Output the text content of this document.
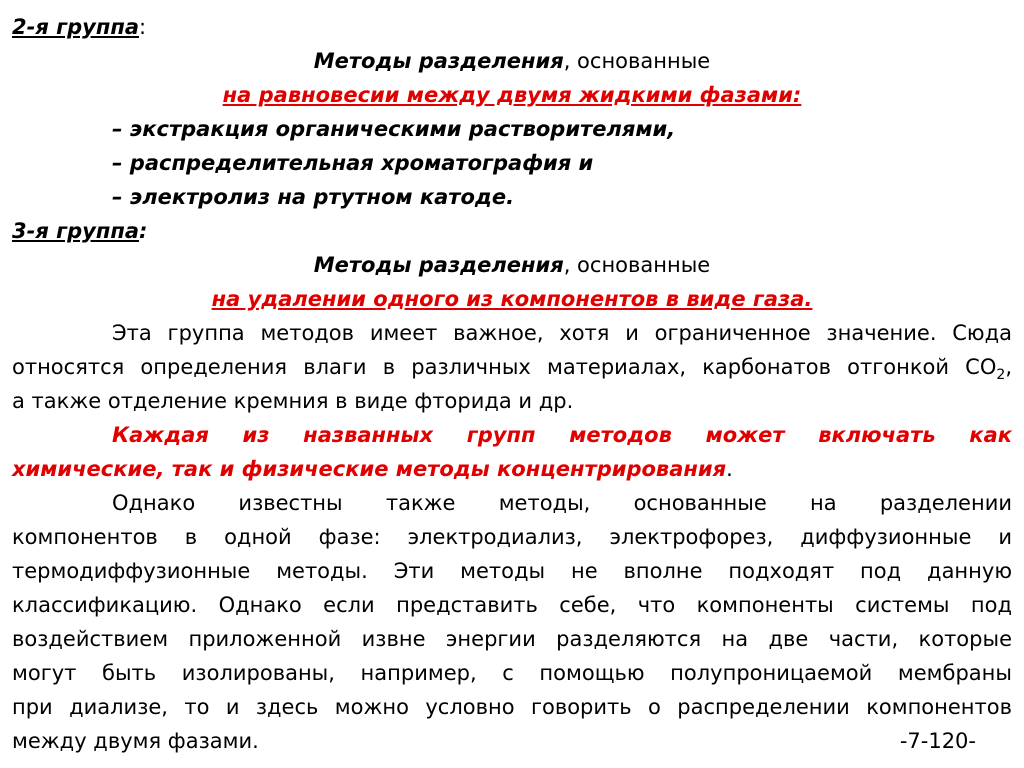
2-я группа:
Методы разделения, основанные
на равновесии между двумя жидкими фазами:
– экстракция органическими растворителями,
– распределительная хроматография и
– электролиз на ртутном катоде.
3-я группа:
Методы разделения, основанные
на удалении одного из компонентов в виде газа.
Эта группа методов имеет важное, хотя и ограниченное значение. Сюда
относятся определения влаги в различных материалах, карбонатов отгонкой $CO_2$,
а также отделение кремния в виде фторида и др.
Каждая из названных групп методов может включать как
химические, так и физические методы концентрирования.
Однако известны также методы, основанные на разделении
компонентов в одной фазе: электродиализ, электрофорез, диффузионные и
термодиффузионные методы. Эти методы не вполне подходят под данную
классификацию. Однако если представить себе, что компоненты системы под
воздействием приложенной извне энергии разделяются на две части, которые
могут быть изолированы, например, с помощью полупроницаемой мембраны
при диализе, то и здесь можно условно говорить о распределении компонентов
между двумя фазами.	-7-120-
